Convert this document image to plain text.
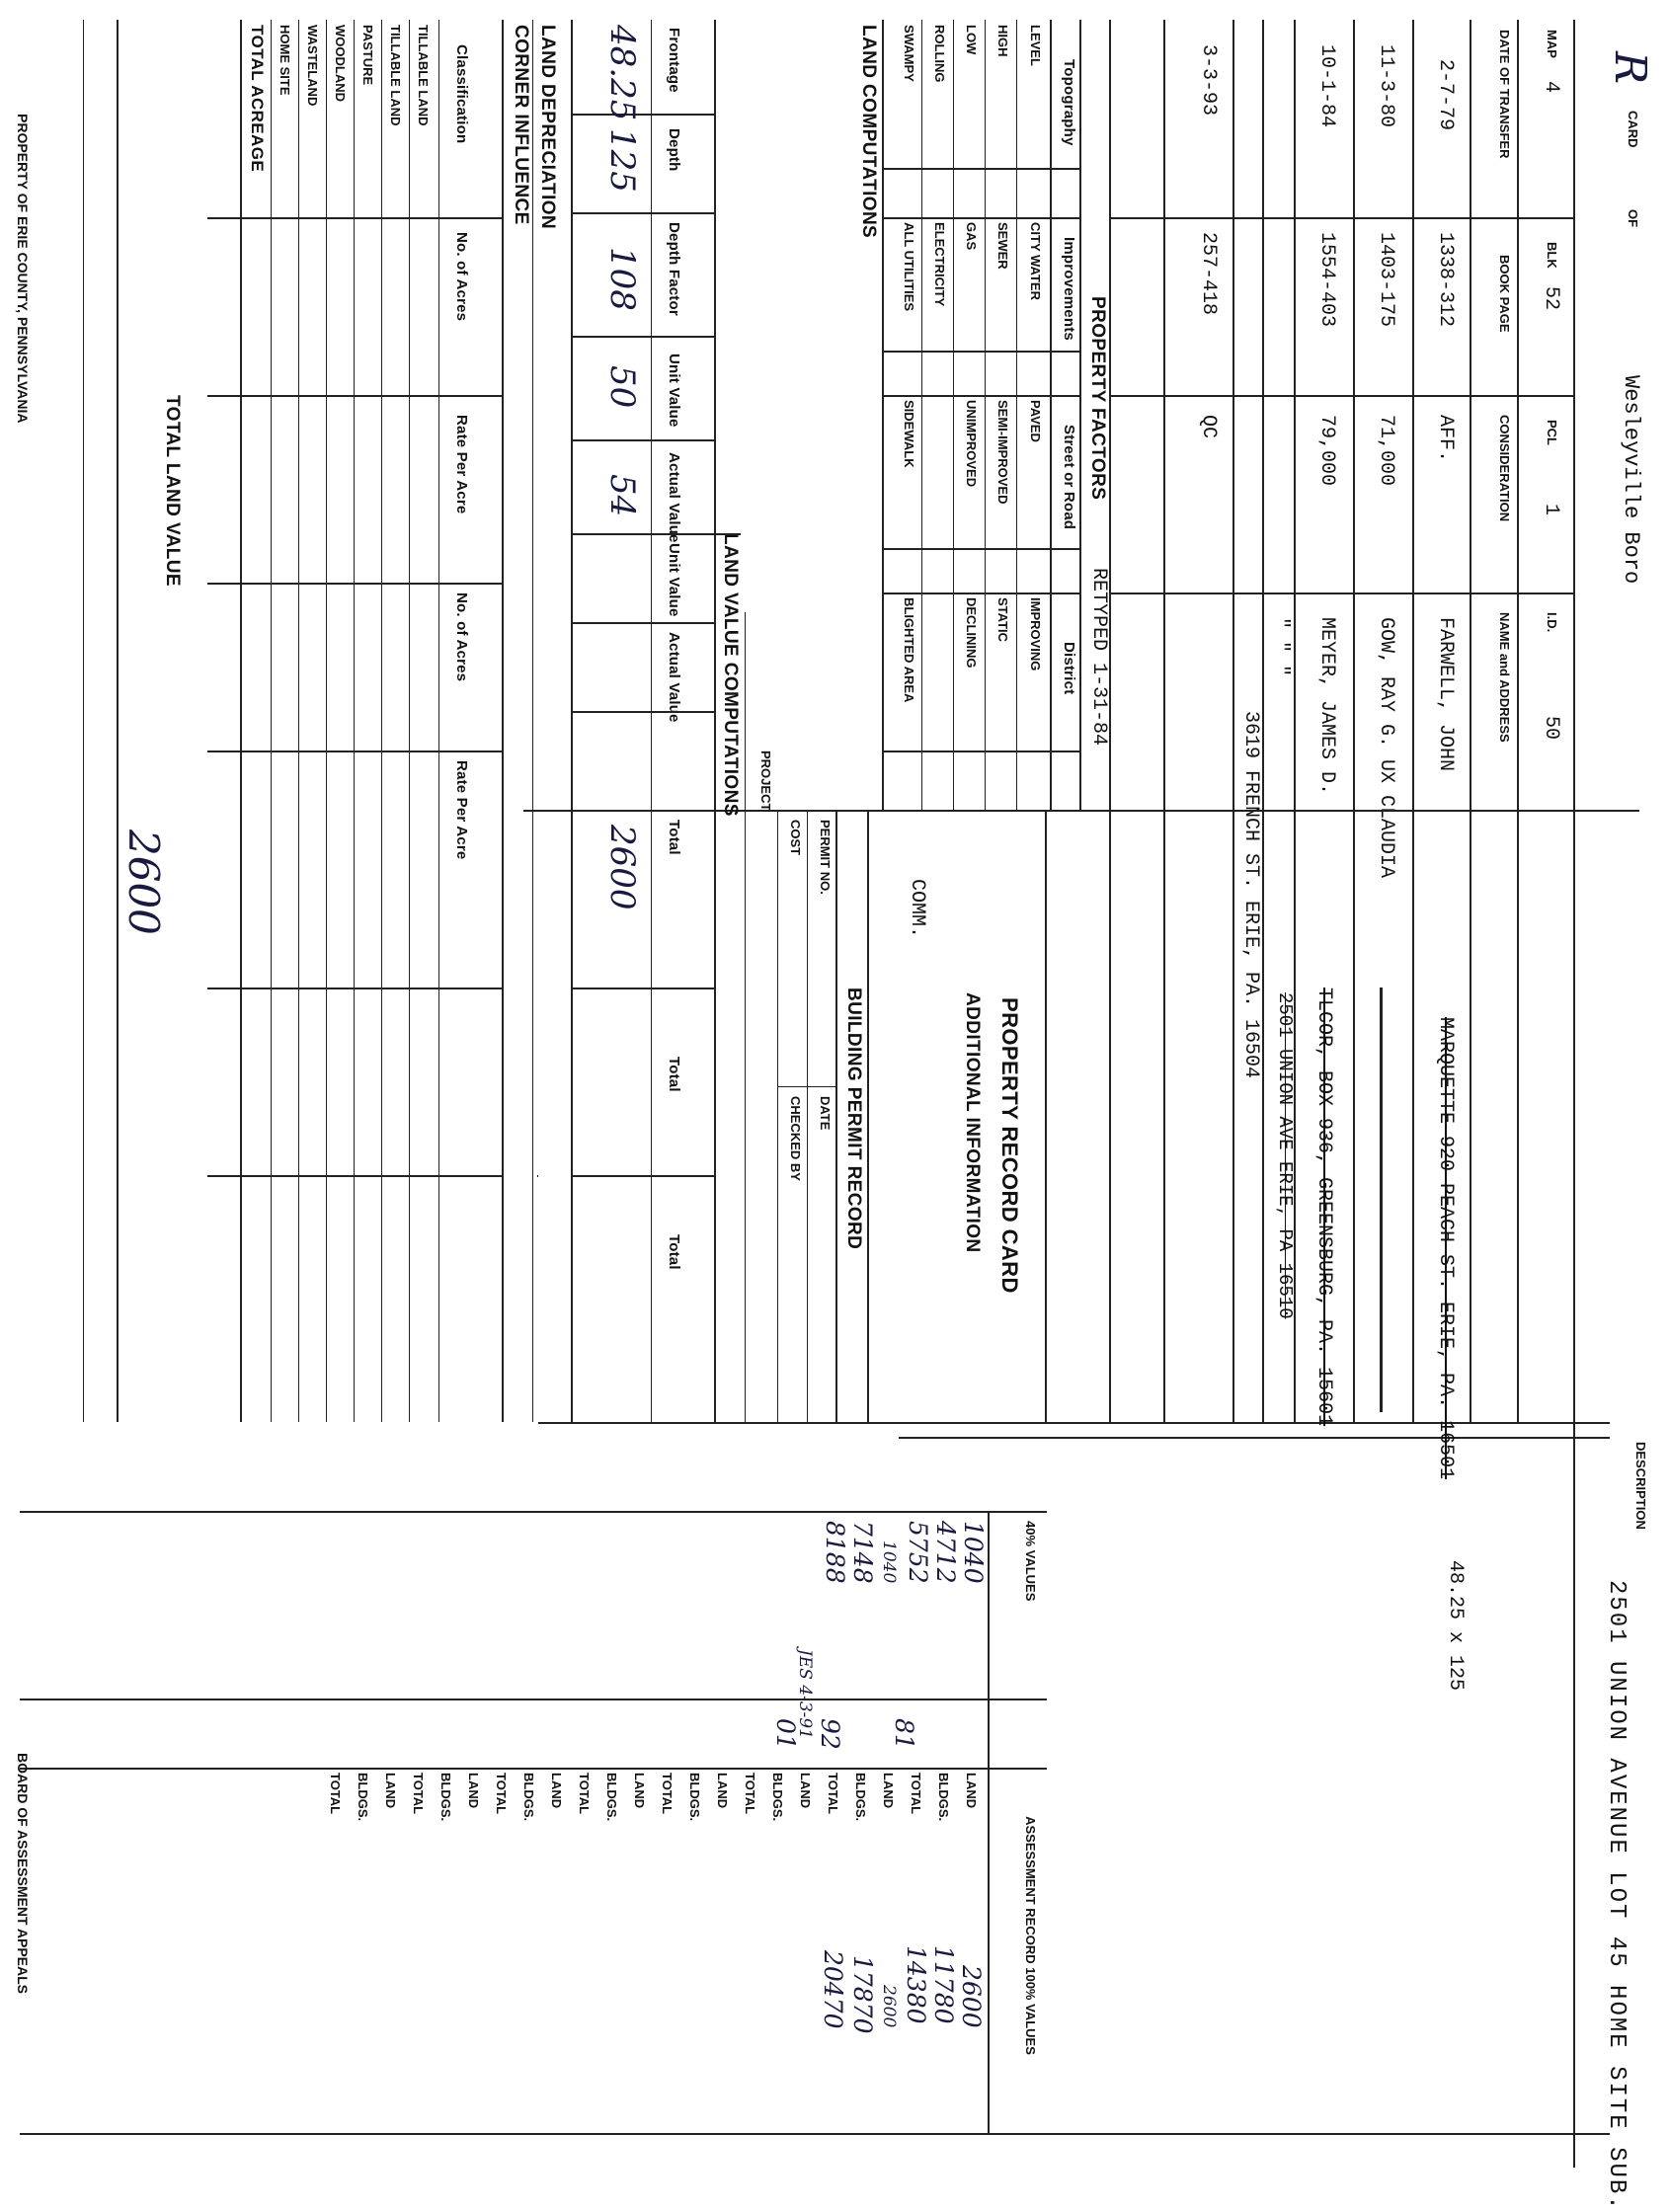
R
CARD
OF
Wesleyville Boro
DESCRIPTION
2501 UNION AVENUE LOT 45 HOME SITE SUB.
48.25 x 125
MAP
4
BLK
52
PCL
1
I.D.
50
DATE OF TRANSFER
BOOK PAGE
CONSIDERATION
NAME and ADDRESS
2-7-79
1338-312
AFF.
FARWELL, JOHN
MARQUETTE 920 PEACH ST. ERIE, PA. 16501
11-3-80
1403-175
71,000
GOW, RAY G. UX CLAUDIA
10-1-84
1554-403
79,000
MEYER, JAMES D.
TLCOR, BOX 936, GREENSBURG, PA. 15601
" " "
2501 UNION AVE ERIE, PA 16510
3619 FRENCH ST. ERIE, PA. 16504
3-3-93
257-418
QC
PROPERTY FACTORS
RETYPED 1-31-84
Topography
Improvements
Street or Road
District
LEVEL
HIGH
LOW
ROLLING
SWAMPY
CITY WATER
SEWER
GAS
ELECTRICITY
ALL UTILITIES
PAVED
SEMI-IMPROVED
UNIMPROVED
SIDEWALK
IMPROVING
STATIC
DECLINING
BLIGHTED AREA
PROPERTY RECORD CARD
ADDITIONAL INFORMATION
COMM.
BUILDING PERMIT RECORD
PERMIT NO.
DATE
COST
CHECKED BY
PROJECT
LAND COMPUTATIONS
LAND VALUE COMPUTATIONS
Frontage
Depth
Depth Factor
Unit Value
Actual Value
Unit Value
Actual Value
Total
Total
Total
48.25
125
108
50
54
2600
LAND DEPRECIATION
CORNER INFLUENCE
Classification
No. of Acres
Rate Per Acre
No. of Acres
Rate Per Acre
TILLABLE LAND
TILLABLE LAND
PASTURE
WOODLAND
WASTELAND
HOME SITE
TOTAL ACREAGE
TOTAL LAND VALUE
2600
40% VALUES
ASSESSMENT RECORD 100% VALUES
1040
4712
5752
1040
7148
8188
81
92
JES 4-3-91
01
LAND
BLDGS.
TOTAL
LAND
BLDGS.
TOTAL
LAND
BLDGS.
TOTAL
LAND
BLDGS.
TOTAL
LAND
BLDGS.
TOTAL
LAND
BLDGS.
TOTAL
LAND
BLDGS.
TOTAL
LAND
BLDGS.
TOTAL
2600
11780
14380
2600
17870
20470
PROPERTY OF ERIE COUNTY, PENNSYLVANIA
BOARD OF ASSESSMENT APPEALS
